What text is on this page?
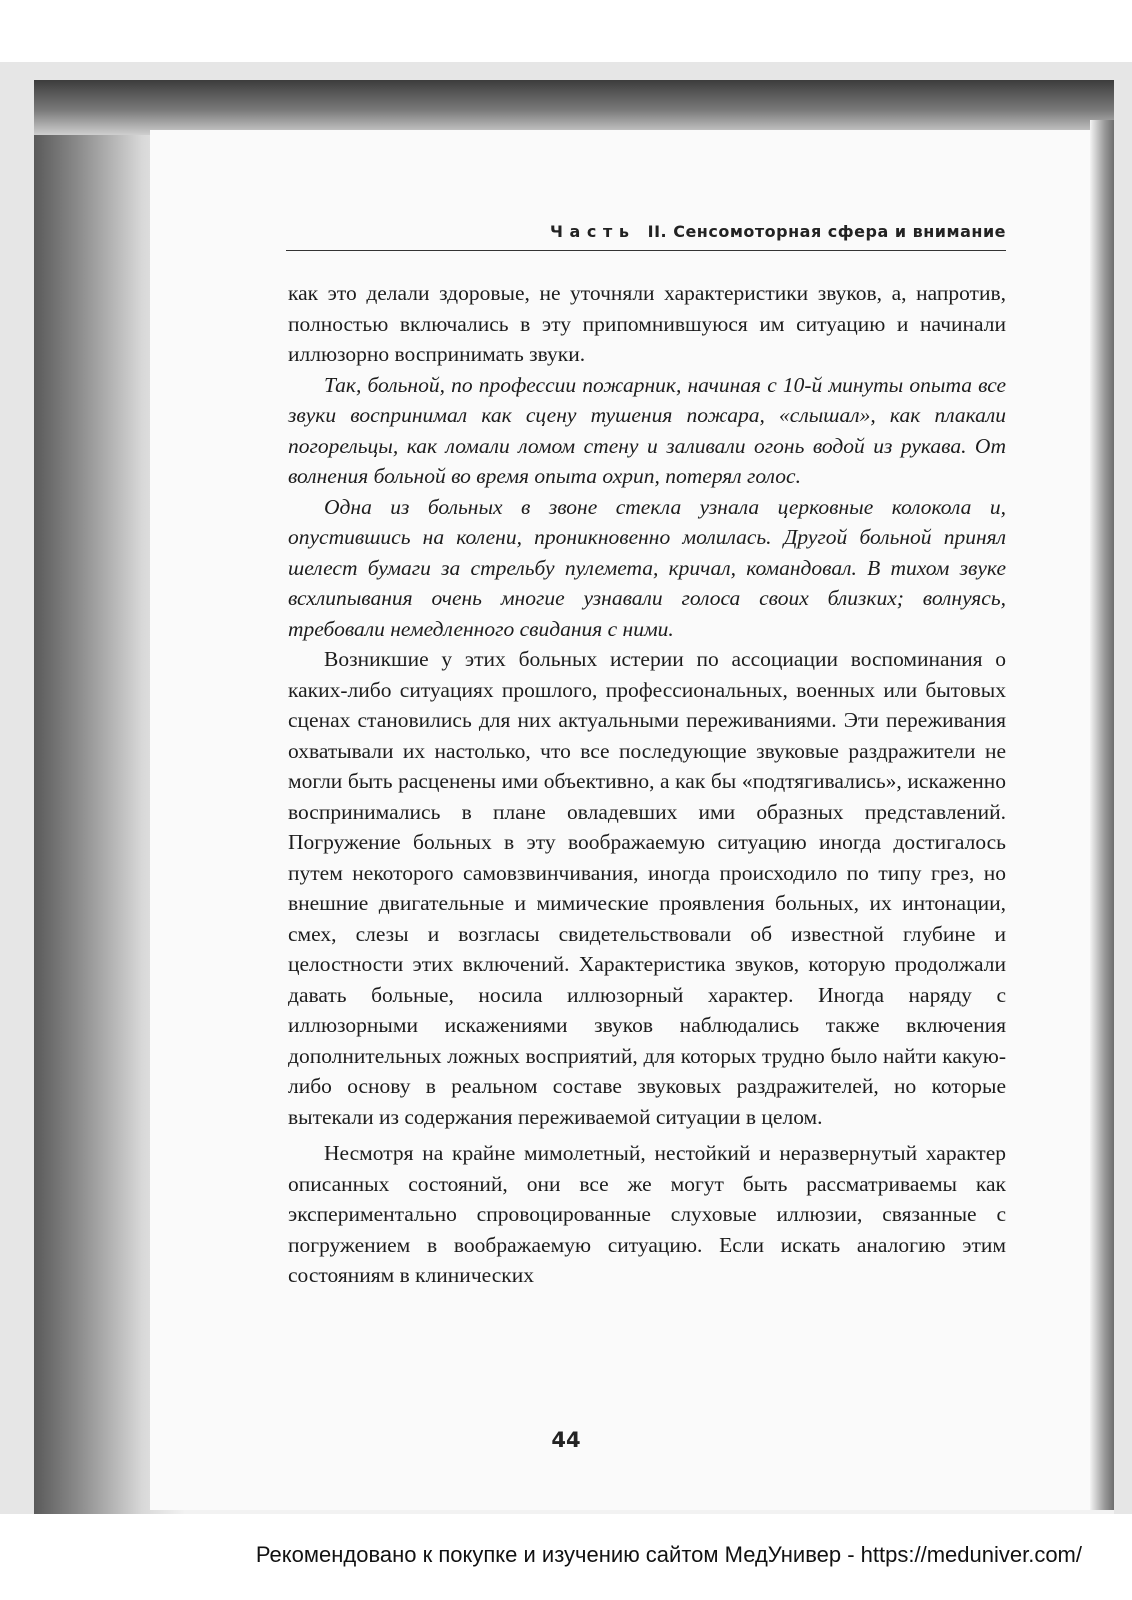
Ч а с т ь   II. Сенсомоторная сфера и внимание

как это делали здоровые, не уточняли характеристики звуков, а, напротив, полностью включались в эту припомнившуюся им ситуацию и начинали иллюзорно воспринимать звуки.

Так, больной, по профессии пожарник, начиная с 10-й минуты опыта все звуки воспринимал как сцену тушения пожара, «слышал», как плакали погорельцы, как ломали ломом стену и заливали огонь водой из рукава. От волнения больной во время опыта охрип, потерял голос.

Одна из больных в звоне стекла узнала церковные колокола и, опустившись на колени, проникновенно молилась. Другой больной принял шелест бумаги за стрельбу пулемета, кричал, командовал. В тихом звуке всхлипывания очень многие узнавали голоса своих близких; волнуясь, требовали немедленного свидания с ними.

Возникшие у этих больных истерии по ассоциации воспоминания о каких-либо ситуациях прошлого, профессиональных, военных или бытовых сценах становились для них актуальными переживаниями. Эти переживания охватывали их настолько, что все последующие звуковые раздражители не могли быть расценены ими объективно, а как бы «подтягивались», искаженно воспринимались в плане овладевших ими образных представлений. Погружение больных в эту воображаемую ситуацию иногда достигалось путем некоторого самовзвинчивания, иногда происходило по типу грез, но внешние двигательные и мимические проявления больных, их интонации, смех, слезы и возгласы свидетельствовали об известной глубине и целостности этих включений. Характеристика звуков, которую продолжали давать больные, носила иллюзорный характер. Иногда наряду с иллюзорными искажениями звуков наблюдались также включения дополнительных ложных восприятий, для которых трудно было найти какую-либо основу в реальном составе звуковых раздражителей, но которые вытекали из содержания переживаемой ситуации в целом.

Несмотря на крайне мимолетный, нестойкий и неразвернутый характер описанных состояний, они все же могут быть рассматриваемы как экспериментально спровоцированные слуховые иллюзии, связанные с погружением в воображаемую ситуацию. Если искать аналогию этим состояниям в клинических

44
Рекомендовано к покупке и изучению сайтом МедУнивер - https://meduniver.com/
